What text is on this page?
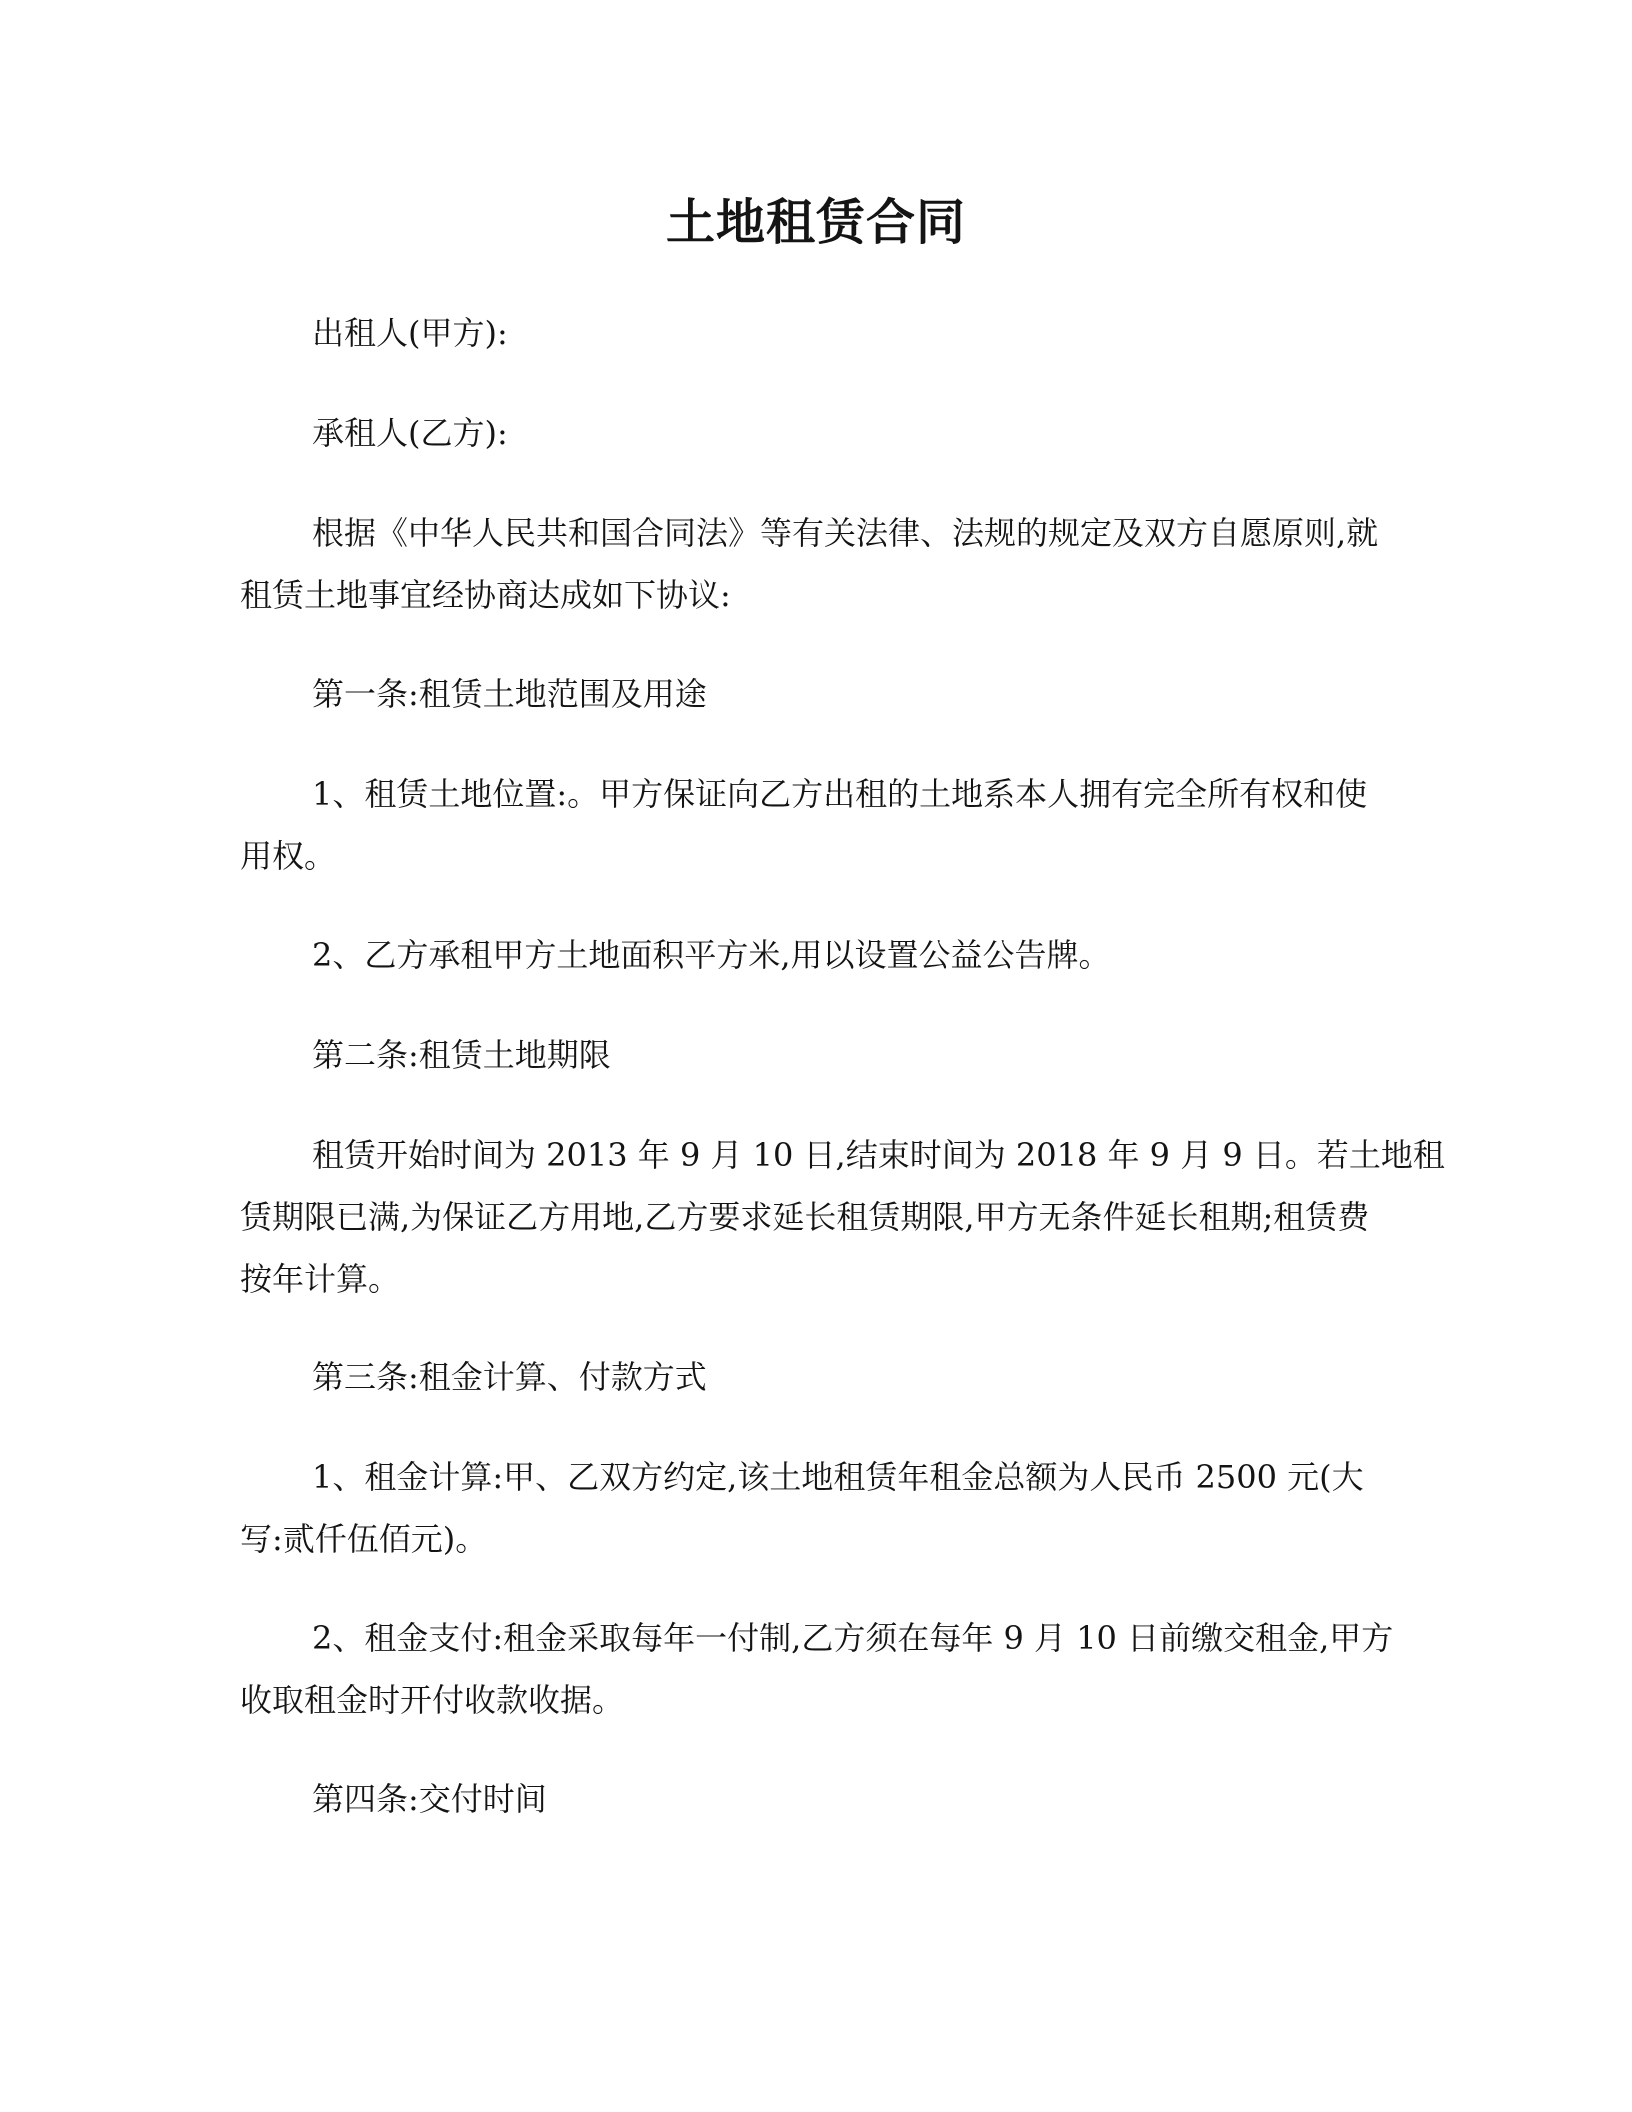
土地租赁合同
出租人(甲方):
承租人(乙方):
根据《中华人民共和国合同法》等有关法律、法规的规定及双方自愿原则,就
租赁土地事宜经协商达成如下协议:
第一条:租赁土地范围及用途
1、租赁土地位置:。甲方保证向乙方出租的土地系本人拥有完全所有权和使
用权。
2、乙方承租甲方土地面积平方米,用以设置公益公告牌。
第二条:租赁土地期限
租赁开始时间为 2013 年 9 月 10 日,结束时间为 2018 年 9 月 9 日。若土地租
赁期限已满,为保证乙方用地,乙方要求延长租赁期限,甲方无条件延长租期;租赁费
按年计算。
第三条:租金计算、付款方式
1、租金计算:甲、乙双方约定,该土地租赁年租金总额为人民币 2500 元(大
写:贰仟伍佰元)。
2、租金支付:租金采取每年一付制,乙方须在每年 9 月 10 日前缴交租金,甲方
收取租金时开付收款收据。
第四条:交付时间
